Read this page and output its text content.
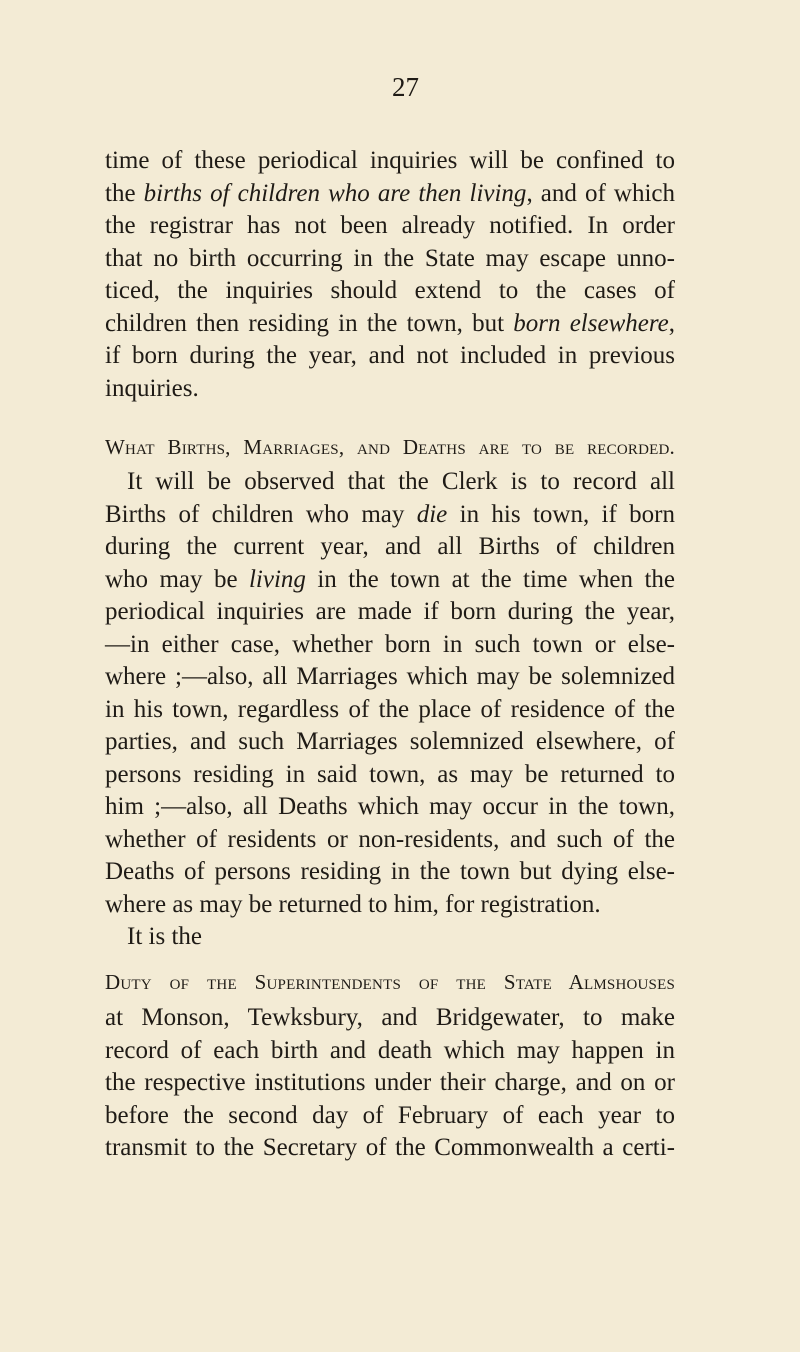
27
time of these periodical inquiries will be confined to
the births of children who are then living, and of which
the registrar has not been already notified. In order
that no birth occurring in the State may escape unno-
ticed, the inquiries should extend to the cases of
children then residing in the town, but born elsewhere,
if born during the year, and not included in previous
inquiries.
What Births, Marriages, and Deaths are to be recorded.
It will be observed that the Clerk is to record all
Births of children who may die in his town, if born
during the current year, and all Births of children
who may be living in the town at the time when the
periodical inquiries are made if born during the year,
—in either case, whether born in such town or else-
where ;—also, all Marriages which may be solemnized
in his town, regardless of the place of residence of the
parties, and such Marriages solemnized elsewhere, of
persons residing in said town, as may be returned to
him ;—also, all Deaths which may occur in the town,
whether of residents or non-residents, and such of the
Deaths of persons residing in the town but dying else-
where as may be returned to him, for registration.
It is the
Duty of the Superintendents of the State Almshouses
at Monson, Tewksbury, and Bridgewater, to make
record of each birth and death which may happen in
the respective institutions under their charge, and on or
before the second day of February of each year to
transmit to the Secretary of the Commonwealth a certi-
